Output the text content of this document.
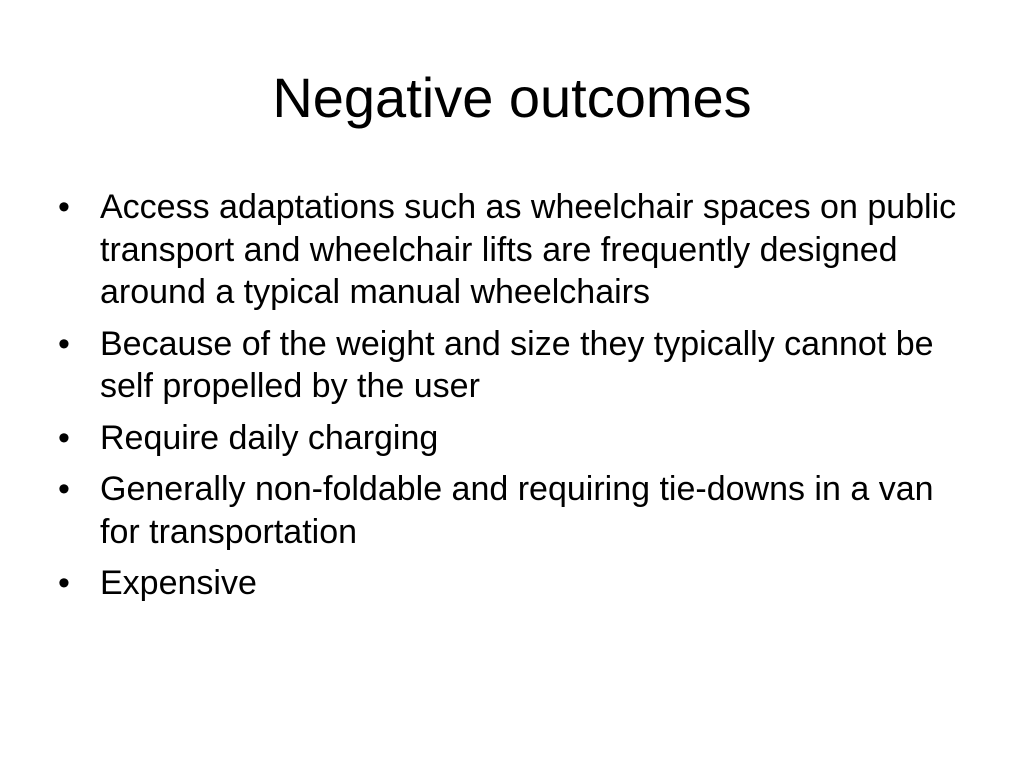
Negative outcomes
• Access adaptations such as wheelchair spaces on public transport and wheelchair lifts are frequently designed around a typical manual wheelchairs
• Because of the weight and size they typically cannot be self propelled by the user
• Require daily charging
• Generally non-foldable and requiring tie-downs in a van for transportation
• Expensive
